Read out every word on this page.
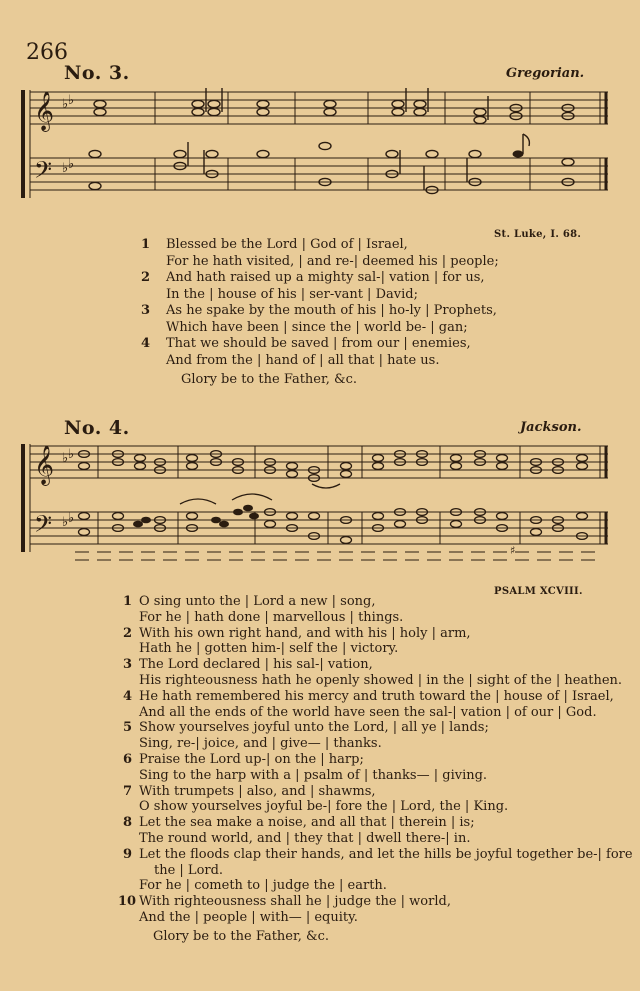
266
No. 3.	Gregorian.
𝄞
𝄢
♭ ♭
♭ ♭
St. Luke, I. 68.
1	Blessed be the Lord | God of | Israel,
For he hath visited, | and re-| deemed his | people;
2	And hath raised up a mighty sal-| vation | for us,
In the | house of his | ser-vant | David;
3	As he spake by the mouth of his | ho-ly | Prophets,
Which have been | since the | world be- | gan;
4	That we should be saved | from our | enemies,
And from the | hand of | all that | hate us.
Glory be to the Father, &c.
No. 4.	Jackson.
𝄞
𝄢
♭ ♭
♭ ♭
♯
PSALM XCVIII.
1 O sing unto the | Lord a new | song,
For he | hath done | marvellous | things.
2 With his own right hand, and with his | holy | arm,
Hath he | gotten him-| self the | victory.
3 The Lord declared | his sal-| vation,
His righteousness hath he openly showed | in the | sight of the | heathen.
4 He hath remembered his mercy and truth toward the | house of | Israel,
And all the ends of the world have seen the sal-| vation | of our | God.
5 Show yourselves joyful unto the Lord, | all ye | lands;
Sing, re-| joice, and | give— | thanks.
6 Praise the Lord up-| on the | harp;
Sing to the harp with a | psalm of | thanks— | giving.
7 With trumpets | also, and | shawms,
O show yourselves joyful be-| fore the | Lord, the | King.
8 Let the sea make a noise, and all that | therein | is;
The round world, and | they that | dwell there-| in.
9 Let the floods clap their hands, and let the hills be joyful together be-| fore
the | Lord.
For he | cometh to | judge the | earth.
10 With righteousness shall he | judge the | world,
And the | people | with— | equity.
Glory be to the Father, &c.
